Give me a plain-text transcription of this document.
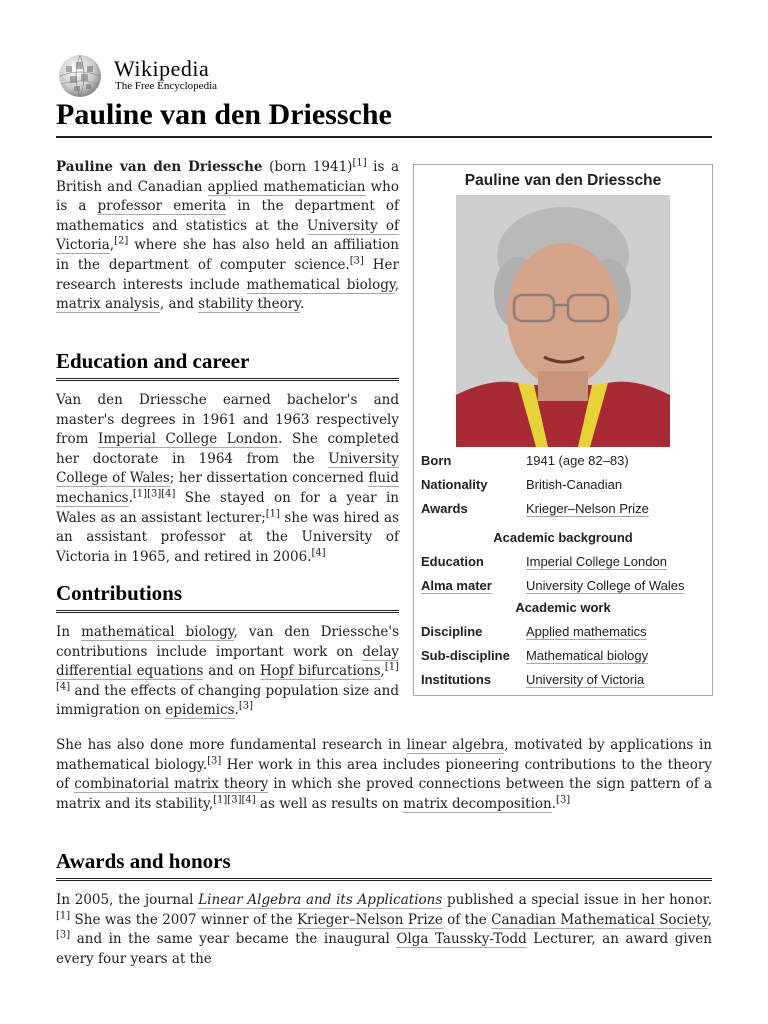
Wikipedia
The Free Encyclopedia
Pauline van den Driessche

Pauline van den Driessche (born 1941)[1] is a British and Canadian applied mathematician who is a professor emerita in the department of mathematics and statistics at the University of Victoria,[2] where she has also held an affiliation in the department of computer science.[3] Her research interests include mathematical biology, matrix analysis, and stability theory.

Education and career

Van den Driessche earned bachelor's and master's degrees in 1961 and 1963 respectively from Imperial College London. She completed her doctorate in 1964 from the University College of Wales; her dissertation concerned fluid mechanics.[1][3][4] She stayed on for a year in Wales as an assistant lecturer;[1] she was hired as an assistant professor at the University of Victoria in 1965, and retired in 2006.[4]

Contributions

In mathematical biology, van den Driessche's contributions include important work on delay differential equations and on Hopf bifurcations,[1][4] and the effects of changing population size and immigration on epidemics.[3]

She has also done more fundamental research in linear algebra, motivated by applications in mathematical biology.[3] Her work in this area includes pioneering contributions to the theory of combinatorial matrix theory in which she proved connections between the sign pattern of a matrix and its stability,[1][3][4] as well as results on matrix decomposition.[3]

Awards and honors

In 2005, the journal Linear Algebra and its Applications published a special issue in her honor.[1] She was the 2007 winner of the Krieger–Nelson Prize of the Canadian Mathematical Society,[3] and in the same year became the inaugural Olga Taussky-Todd Lecturer, an award given every four years at the

Pauline van den Driessche
Born	1941 (age 82–83)
Nationality	British-Canadian
Awards	Krieger–Nelson Prize
Academic background
Education	Imperial College London
Alma mater	University College of Wales
Academic work
Discipline	Applied mathematics
Sub-discipline Mathematical biology
Institutions	University of Victoria
